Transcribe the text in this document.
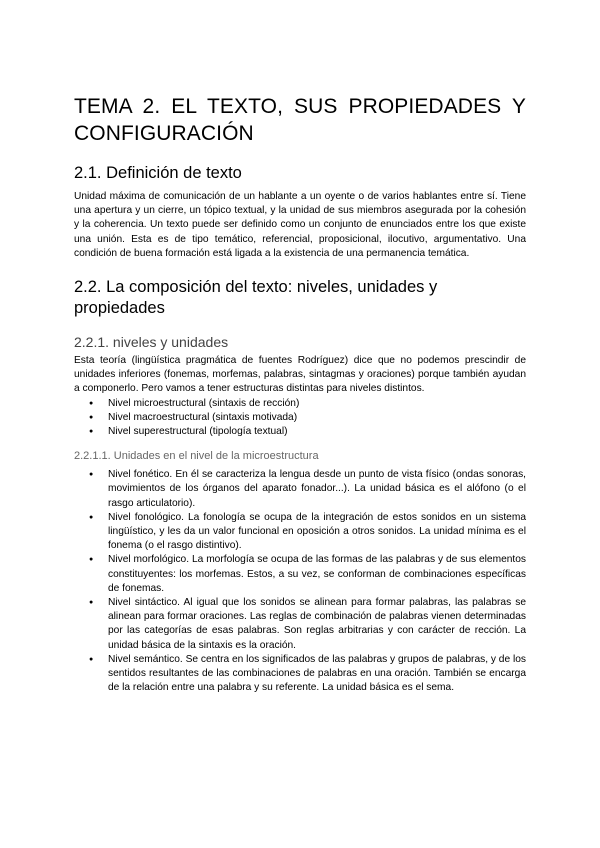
TEMA 2. EL TEXTO, SUS PROPIEDADES Y CONFIGURACIÓN
2.1. Definición de texto

Unidad máxima de comunicación de un hablante a un oyente o de varios hablantes entre sí. Tiene una apertura y un cierre, un tópico textual, y la unidad de sus miembros asegurada por la cohesión y la coherencia. Un texto puede ser definido como un conjunto de enunciados entre los que existe una unión. Esta es de tipo temático, referencial, proposicional, ilocutivo, argumentativo. Una condición de buena formación está ligada a la existencia de una permanencia temática.

2.2. La composición del texto: niveles, unidades y propiedades
2.2.1. niveles y unidades

Esta teoría (lingüística pragmática de fuentes Rodríguez) dice que no podemos prescindir de unidades inferiores (fonemas, morfemas, palabras, sintagmas y oraciones) porque también ayudan a componerlo. Pero vamos a tener estructuras distintas para niveles distintos.

● Nivel microestructural (sintaxis de rección)
● Nivel macroestructural (sintaxis motivada)
● Nivel superestructural (tipología textual)
2.2.1.1. Unidades en el nivel de la microestructura
● Nivel fonético. En él se caracteriza la lengua desde un punto de vista físico (ondas sonoras, movimientos de los órganos del aparato fonador...). La unidad básica es el alófono (o el rasgo articulatorio).
● Nivel fonológico. La fonología se ocupa de la integración de estos sonidos en un sistema lingüístico, y les da un valor funcional en oposición a otros sonidos. La unidad mínima es el fonema (o el rasgo distintivo).
● Nivel morfológico. La morfología se ocupa de las formas de las palabras y de sus elementos constituyentes: los morfemas. Estos, a su vez, se conforman de combinaciones específicas de fonemas.
● Nivel sintáctico. Al igual que los sonidos se alinean para formar palabras, las palabras se alinean para formar oraciones. Las reglas de combinación de palabras vienen determinadas por las categorías de esas palabras. Son reglas arbitrarias y con carácter de rección. La unidad básica de la sintaxis es la oración.
● Nivel semántico. Se centra en los significados de las palabras y grupos de palabras, y de los sentidos resultantes de las combinaciones de palabras en una oración. También se encarga de la relación entre una palabra y su referente. La unidad básica es el sema.
